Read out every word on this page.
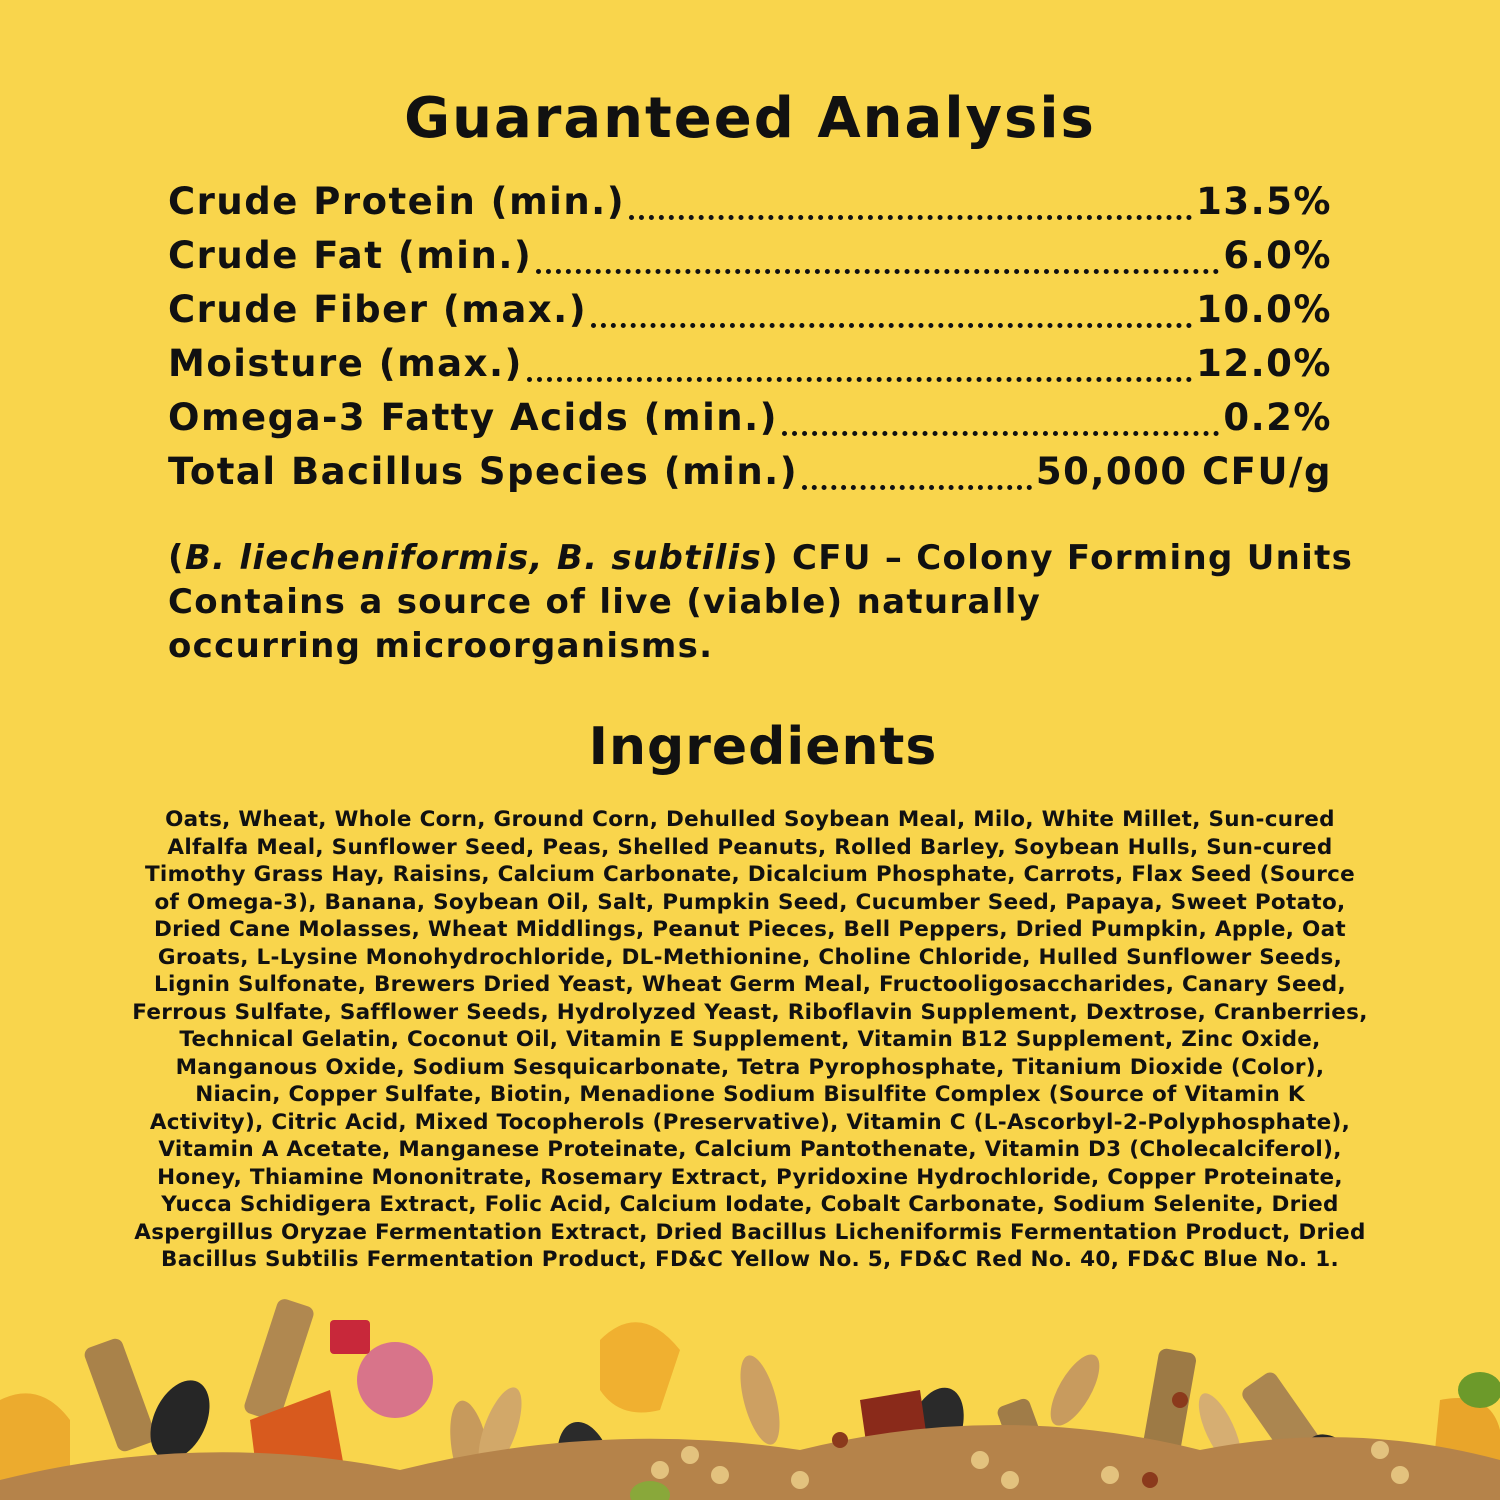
Guaranteed Analysis
Crude Protein (min.)	13.5%
Crude Fat (min.)	6.0%
Crude Fiber (max.)	10.0%
Moisture (max.)	12.0%
Omega-3 Fatty Acids (min.)	0.2%
Total Bacillus Species (min.)	50,000 CFU/g
(B. liecheniformis, B. subtilis) CFU – Colony Forming Units
Contains a source of live (viable) naturally
occurring microorganisms.
Ingredients
Oats, Wheat, Whole Corn, Ground Corn, Dehulled Soybean Meal, Milo, White Millet, Sun-cured
Alfalfa Meal, Sunflower Seed, Peas, Shelled Peanuts, Rolled Barley, Soybean Hulls, Sun-cured
Timothy Grass Hay, Raisins, Calcium Carbonate, Dicalcium Phosphate, Carrots, Flax Seed (Source
of Omega-3), Banana, Soybean Oil, Salt, Pumpkin Seed, Cucumber Seed, Papaya, Sweet Potato,
Dried Cane Molasses, Wheat Middlings, Peanut Pieces, Bell Peppers, Dried Pumpkin, Apple, Oat
Groats, L-Lysine Monohydrochloride, DL-Methionine, Choline Chloride, Hulled Sunflower Seeds,
Lignin Sulfonate, Brewers Dried Yeast, Wheat Germ Meal, Fructooligosaccharides, Canary Seed,
Ferrous Sulfate, Safflower Seeds, Hydrolyzed Yeast, Riboflavin Supplement, Dextrose, Cranberries,
Technical Gelatin, Coconut Oil, Vitamin E Supplement, Vitamin B12 Supplement, Zinc Oxide,
Manganous Oxide, Sodium Sesquicarbonate, Tetra Pyrophosphate, Titanium Dioxide (Color),
Niacin, Copper Sulfate, Biotin, Menadione Sodium Bisulfite Complex (Source of Vitamin K
Activity), Citric Acid, Mixed Tocopherols (Preservative), Vitamin C (L-Ascorbyl-2-Polyphosphate),
Vitamin A Acetate, Manganese Proteinate, Calcium Pantothenate, Vitamin D3 (Cholecalciferol),
Honey, Thiamine Mononitrate, Rosemary Extract, Pyridoxine Hydrochloride, Copper Proteinate,
Yucca Schidigera Extract, Folic Acid, Calcium Iodate, Cobalt Carbonate, Sodium Selenite, Dried
Aspergillus Oryzae Fermentation Extract, Dried Bacillus Licheniformis Fermentation Product, Dried
Bacillus Subtilis Fermentation Product, FD&C Yellow No. 5, FD&C Red No. 40, FD&C Blue No. 1.
